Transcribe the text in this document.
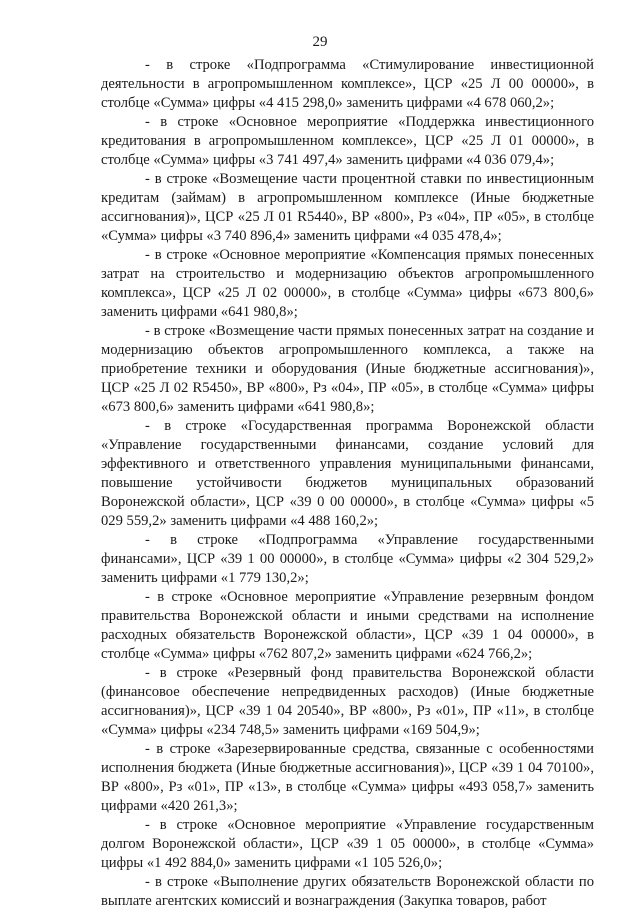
29

- в строке «Подпрограмма «Стимулирование инвестиционной деятельности в агропромышленном комплексе», ЦСР «25 Л 00 00000», в столбце «Сумма» цифры «4 415 298,0» заменить цифрами «4 678 060,2»;

- в строке «Основное мероприятие «Поддержка инвестиционного кредитования в агропромышленном комплексе», ЦСР «25 Л 01 00000», в столбце «Сумма» цифры «3 741 497,4» заменить цифрами «4 036 079,4»;

- в строке «Возмещение части процентной ставки по инвестиционным кредитам (займам) в агропромышленном комплексе (Иные бюджетные ассигнования)», ЦСР «25 Л 01 R5440», ВР «800», Рз «04», ПР «05», в столбце «Сумма» цифры «3 740 896,4» заменить цифрами «4 035 478,4»;

- в строке «Основное мероприятие «Компенсация прямых понесенных затрат на строительство и модернизацию объектов агропромышленного комплекса», ЦСР «25 Л 02 00000», в столбце «Сумма» цифры «673 800,6» заменить цифрами «641 980,8»;

- в строке «Возмещение части прямых понесенных затрат на создание и модернизацию объектов агропромышленного комплекса, а также на приобретение техники и оборудования (Иные бюджетные ассигнования)», ЦСР «25 Л 02 R5450», ВР «800», Рз «04», ПР «05», в столбце «Сумма» цифры «673 800,6» заменить цифрами «641 980,8»;

- в строке «Государственная программа Воронежской области «Управление государственными финансами, создание условий для эффективного и ответственного управления муниципальными финансами, повышение устойчивости бюджетов муниципальных образований Воронежской области», ЦСР «39 0 00 00000», в столбце «Сумма» цифры «5 029 559,2» заменить цифрами «4 488 160,2»;

- в строке «Подпрограмма «Управление государственными финансами», ЦСР «39 1 00 00000», в столбце «Сумма» цифры «2 304 529,2» заменить цифрами «1 779 130,2»;

- в строке «Основное мероприятие «Управление резервным фондом правительства Воронежской области и иными средствами на исполнение расходных обязательств Воронежской области», ЦСР «39 1 04 00000», в столбце «Сумма» цифры «762 807,2» заменить цифрами «624 766,2»;

- в строке «Резервный фонд правительства Воронежской области (финансовое обеспечение непредвиденных расходов) (Иные бюджетные ассигнования)», ЦСР «39 1 04 20540», ВР «800», Рз «01», ПР «11», в столбце «Сумма» цифры «234 748,5» заменить цифрами «169 504,9»;

- в строке «Зарезервированные средства, связанные с особенностями исполнения бюджета (Иные бюджетные ассигнования)», ЦСР «39 1 04 70100», ВР «800», Рз «01», ПР «13», в столбце «Сумма» цифры «493 058,7» заменить цифрами «420 261,3»;

- в строке «Основное мероприятие «Управление государственным долгом Воронежской области», ЦСР «39 1 05 00000», в столбце «Сумма» цифры «1 492 884,0» заменить цифрами «1 105 526,0»;

- в строке «Выполнение других обязательств Воронежской области по выплате агентских комиссий и вознаграждения (Закупка товаров, работ
